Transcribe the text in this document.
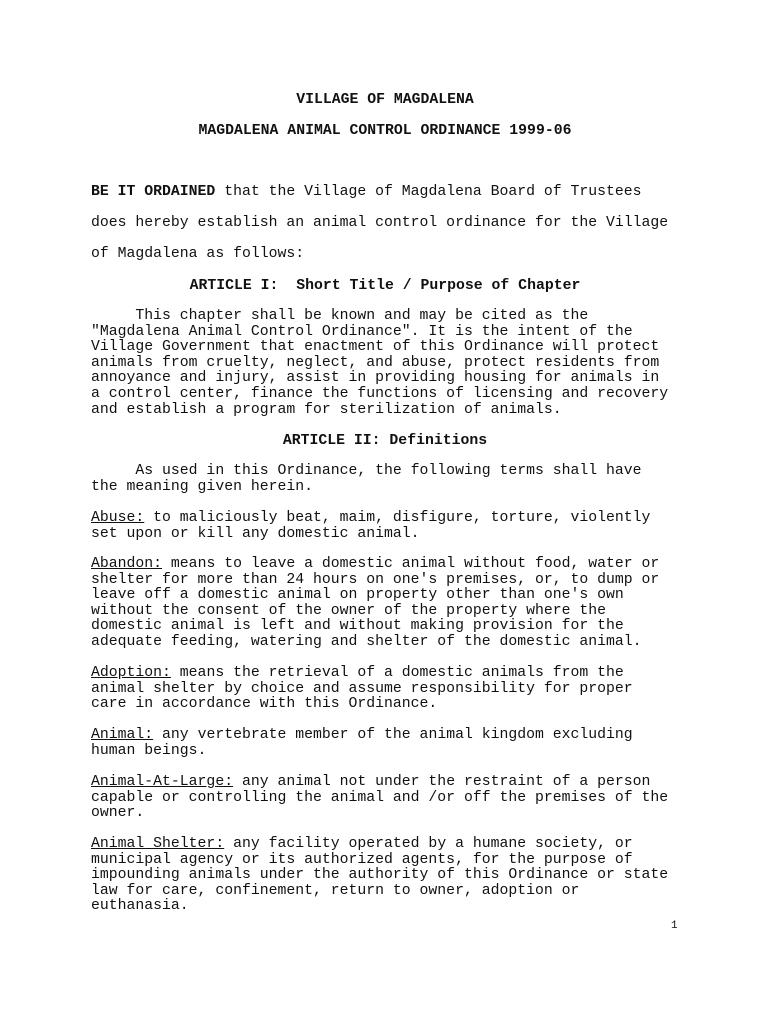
VILLAGE OF MAGDALENA
MAGDALENA ANIMAL CONTROL ORDINANCE 1999-06
BE IT ORDAINED that the Village of Magdalena Board of Trustees
does hereby establish an animal control ordinance for the Village
of Magdalena as follows:
ARTICLE I:  Short Title / Purpose of Chapter
This chapter shall be known and may be cited as the
"Magdalena Animal Control Ordinance". It is the intent of the
Village Government that enactment of this Ordinance will protect
animals from cruelty, neglect, and abuse, protect residents from
annoyance and injury, assist in providing housing for animals in
a control center, finance the functions of licensing and recovery
and establish a program for sterilization of animals.
ARTICLE II: Definitions
As used in this Ordinance, the following terms shall have
the meaning given herein.
Abuse: to maliciously beat, maim, disfigure, torture, violently
set upon or kill any domestic animal.
Abandon: means to leave a domestic animal without food, water or
shelter for more than 24 hours on one's premises, or, to dump or
leave off a domestic animal on property other than one's own
without the consent of the owner of the property where the
domestic animal is left and without making provision for the
adequate feeding, watering and shelter of the domestic animal.
Adoption: means the retrieval of a domestic animals from the
animal shelter by choice and assume responsibility for proper
care in accordance with this Ordinance.
Animal: any vertebrate member of the animal kingdom excluding
human beings.
Animal-At-Large: any animal not under the restraint of a person
capable or controlling the animal and /or off the premises of the
owner.
Animal Shelter: any facility operated by a humane society, or
municipal agency or its authorized agents, for the purpose of
impounding animals under the authority of this Ordinance or state
law for care, confinement, return to owner, adoption or
euthanasia.
1
